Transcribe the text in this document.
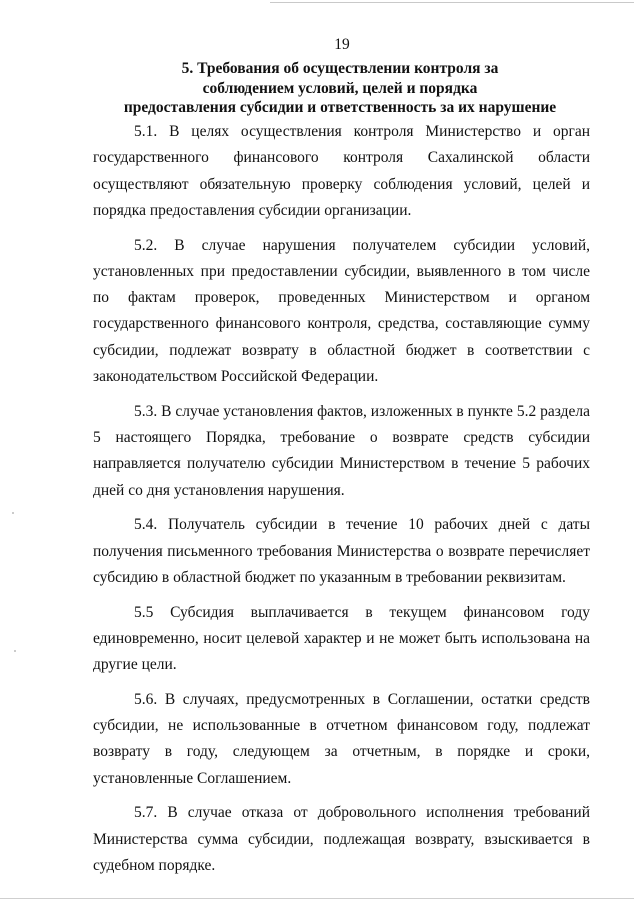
19
5. Требования об осуществлении контроля за
соблюдением условий, целей и порядка
предоставления субсидии и ответственность за их нарушение

5.1. В целях осуществления контроля Министерство и орган государственного финансового контроля Сахалинской области осуществляют обязательную проверку соблюдения условий, целей и порядка предоставления субсидии организации.

5.2. В случае нарушения получателем субсидии условий, установленных при предоставлении субсидии, выявленного в том числе по фактам проверок, проведенных Министерством и органом государственного финансового контроля, средства, составляющие сумму субсидии, подлежат возврату в областной бюджет в соответствии с законодательством Российской Федерации.

5.3. В случае установления фактов, изложенных в пункте 5.2 раздела 5 настоящего Порядка, требование о возврате средств субсидии направляется получателю субсидии Министерством в течение 5 рабочих дней со дня установления нарушения.

5.4. Получатель субсидии в течение 10 рабочих дней с даты получения письменного требования Министерства о возврате перечисляет субсидию в областной бюджет по указанным в требовании реквизитам.

5.5 Субсидия выплачивается в текущем финансовом году единовременно, носит целевой характер и не может быть использована на другие цели.

5.6. В случаях, предусмотренных в Соглашении, остатки средств субсидии, не использованные в отчетном финансовом году, подлежат возврату в году, следующем за отчетным, в порядке и сроки, установленные Соглашением.

5.7. В случае отказа от добровольного исполнения требований Министерства сумма субсидии, подлежащая возврату, взыскивается в судебном порядке.
